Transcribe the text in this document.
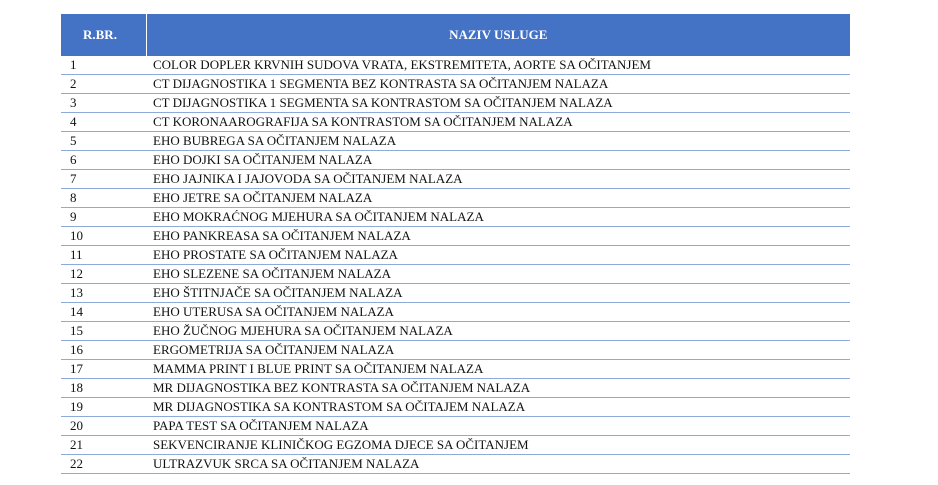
R.BR.	NAZIV USLUGE
1	COLOR DOPLER KRVNIH SUDOVA VRATA, EKSTREMITETA, AORTE SA OČITANJEM
2	CT DIJAGNOSTIKA 1 SEGMENTA BEZ KONTRASTA SA OČITANJEM NALAZA
3	CT DIJAGNOSTIKA 1 SEGMENTA SA KONTRASTOM SA OČITANJEM NALAZA
4	CT KORONAAROGRAFIJA SA KONTRASTOM SA OČITANJEM NALAZA
5	EHO BUBREGA SA OČITANJEM NALAZA
6	EHO DOJKI SA OČITANJEM NALAZA
7	EHO JAJNIKA I JAJOVODA SA OČITANJEM NALAZA
8	EHO JETRE SA OČITANJEM NALAZA
9	EHO MOKRAĆNOG MJEHURA SA OČITANJEM NALAZA
10	EHO PANKREASA SA OČITANJEM NALAZA
11	EHO PROSTATE SA OČITANJEM NALAZA
12	EHO SLEZENE SA OČITANJEM NALAZA
13	EHO ŠTITNJAČE SA OČITANJEM NALAZA
14	EHO UTERUSA SA OČITANJEM NALAZA
15	EHO ŽUČNOG MJEHURA SA OČITANJEM NALAZA
16	ERGOMETRIJA SA OČITANJEM NALAZA
17	MAMMA PRINT I BLUE PRINT SA OČITANJEM NALAZA
18	MR DIJAGNOSTIKA BEZ KONTRASTA SA OČITANJEM NALAZA
19	MR DIJAGNOSTIKA SA KONTRASTOM SA OČITAJEM NALAZA
20	PAPA TEST SA OČITANJEM NALAZA
21	SEKVENCIRANJE KLINIČKOG EGZOMA DJECE SA OČITANJEM
22	ULTRAZVUK SRCA SA OČITANJEM NALAZA
